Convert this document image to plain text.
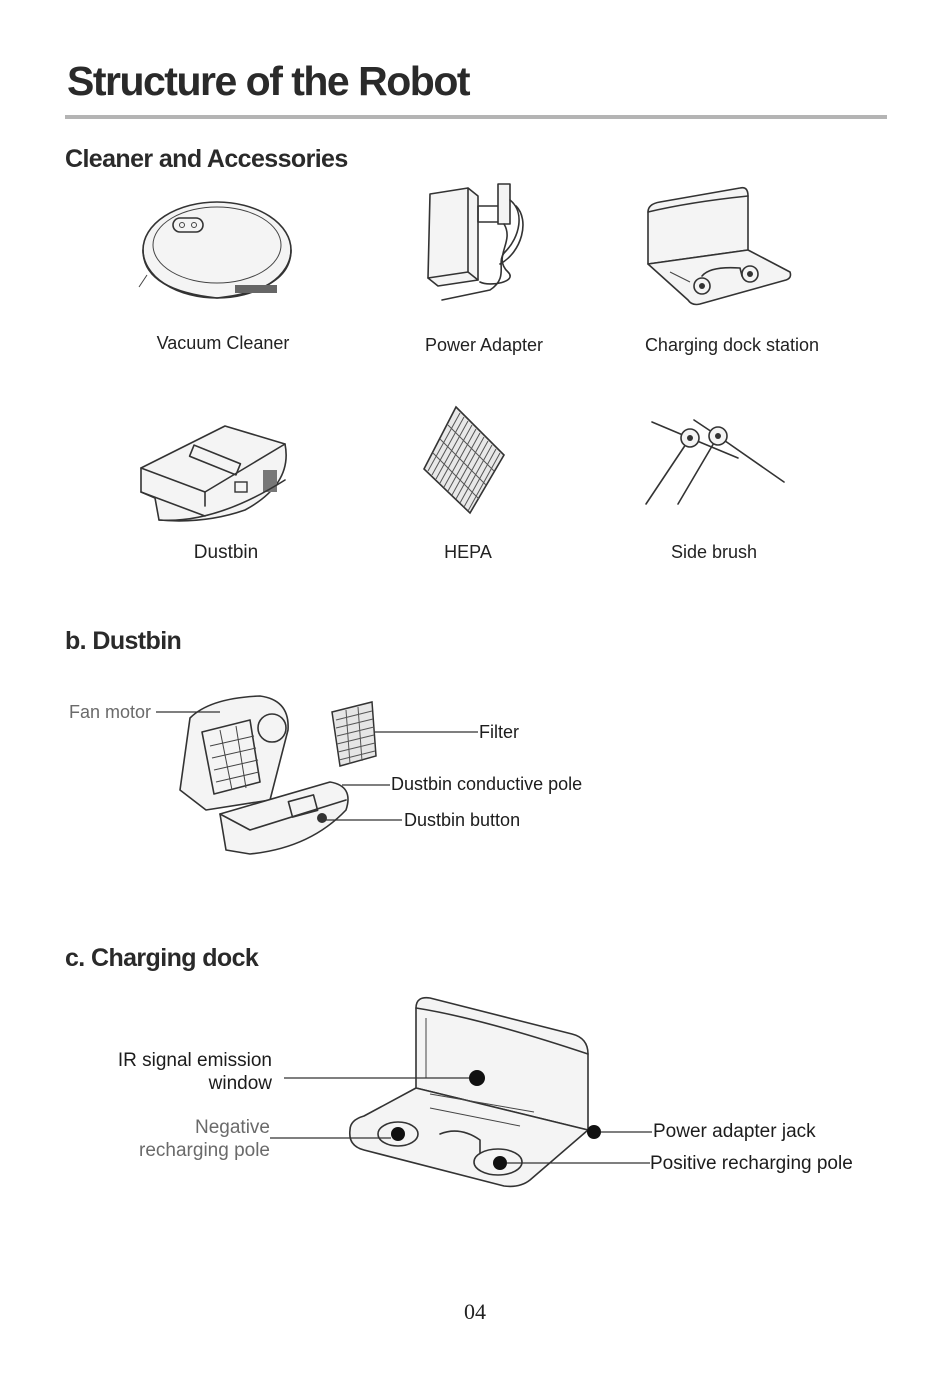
Structure of the Robot
Cleaner and Accessories
Vacuum Cleaner	Power Adapter	Charging dock station
Dustbin	HEPA	Side brush
b. Dustbin
Fan motor
Filter
Dustbin conductive pole
Dustbin button
c. Charging dock
IR signal emission
window
Negative
recharging pole
Power adapter jack
Positive recharging pole
04
